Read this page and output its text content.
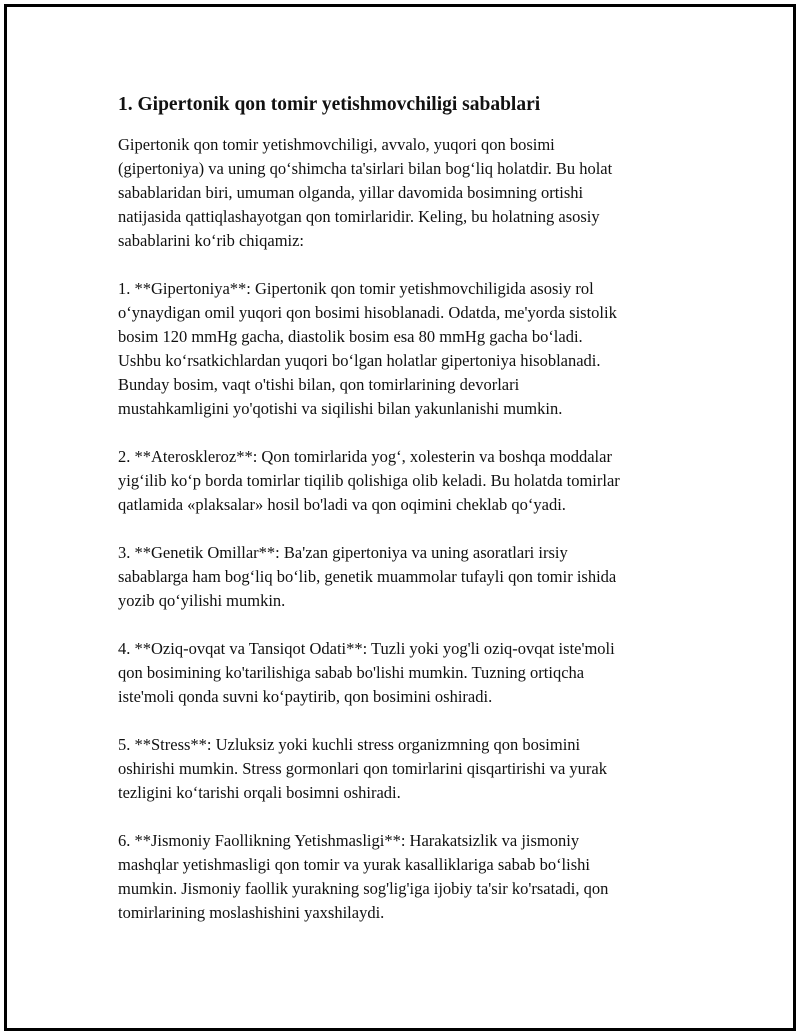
1. Gipertonik qon tomir yetishmovchiligi sabablari

Gipertonik qon tomir yetishmovchiligi, avvalo, yuqori qon bosimi
(gipertoniya) va uning qoʻshimcha ta'sirlari bilan bogʻliq holatdir. Bu holat
sabablaridan biri, umuman olganda, yillar davomida bosimning ortishi
natijasida qattiqlashayotgan qon tomirlaridir. Keling, bu holatning asosiy
sabablarini koʻrib chiqamiz:

1. **Gipertoniya**: Gipertonik qon tomir yetishmovchiligida asosiy rol
oʻynaydigan omil yuqori qon bosimi hisoblanadi. Odatda, me'yorda sistolik
bosim 120 mmHg gacha, diastolik bosim esa 80 mmHg gacha boʻladi.
Ushbu koʻrsatkichlardan yuqori boʻlgan holatlar gipertoniya hisoblanadi.
Bunday bosim, vaqt o'tishi bilan, qon tomirlarining devorlari
mustahkamligini yo'qotishi va siqilishi bilan yakunlanishi mumkin.

2. **Ateroskleroz**: Qon tomirlarida yogʻ, xolesterin va boshqa moddalar
yigʻilib koʻp borda tomirlar tiqilib qolishiga olib keladi. Bu holatda tomirlar
qatlamida «plaksalar» hosil bo'ladi va qon oqimini cheklab qoʻyadi.

3. **Genetik Omillar**: Ba'zan gipertoniya va uning asoratlari irsiy
sabablarga ham bogʻliq boʻlib, genetik muammolar tufayli qon tomir ishida
yozib qoʻyilishi mumkin.

4. **Oziq-ovqat va Tansiqot Odati**: Tuzli yoki yog'li oziq-ovqat iste'moli
qon bosimining ko'tarilishiga sabab bo'lishi mumkin. Tuzning ortiqcha
iste'moli qonda suvni koʻpaytirib, qon bosimini oshiradi.

5. **Stress**: Uzluksiz yoki kuchli stress organizmning qon bosimini
oshirishi mumkin. Stress gormonlari qon tomirlarini qisqartirishi va yurak
tezligini koʻtarishi orqali bosimni oshiradi.

6. **Jismoniy Faollikning Yetishmasligi**: Harakatsizlik va jismoniy
mashqlar yetishmasligi qon tomir va yurak kasalliklariga sabab boʻlishi
mumkin. Jismoniy faollik yurakning sog'lig'iga ijobiy ta'sir ko'rsatadi, qon
tomirlarining moslashishini yaxshilaydi.
